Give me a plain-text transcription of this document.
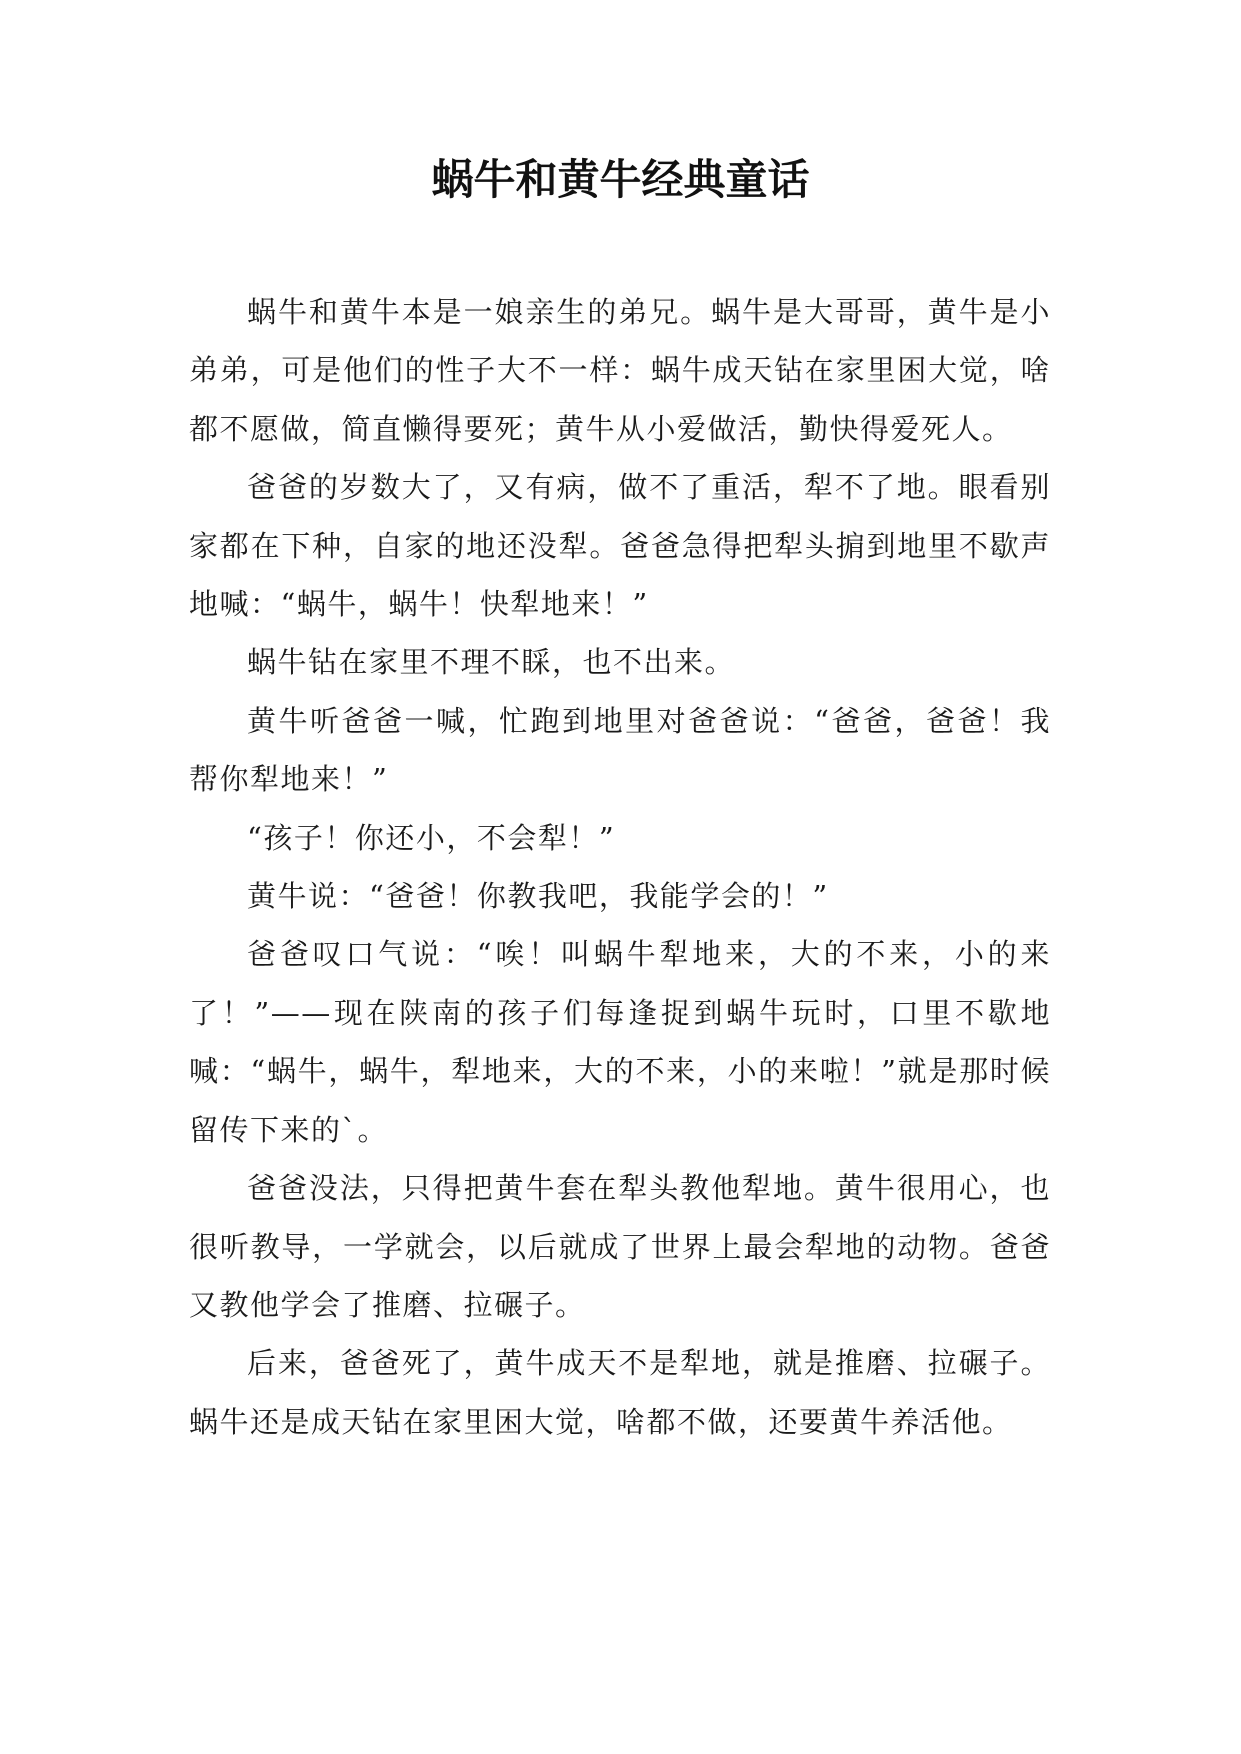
蜗牛和黄牛经典童话

蜗牛和黄牛本是一娘亲生的弟兄。蜗牛是大哥哥，黄牛是小弟弟，可是他们的性子大不一样：蜗牛成天钻在家里困大觉，啥都不愿做，简直懒得要死；黄牛从小爱做活，勤快得爱死人。

爸爸的岁数大了，又有病，做不了重活，犁不了地。眼看别家都在下种，自家的地还没犁。爸爸急得把犁头掮到地里不歇声地喊：“蜗牛，蜗牛！快犁地来！”

蜗牛钻在家里不理不睬，也不出来。

黄牛听爸爸一喊，忙跑到地里对爸爸说：“爸爸，爸爸！我帮你犁地来！”

“孩子！你还小，不会犁！”

黄牛说：“爸爸！你教我吧，我能学会的！”

爸爸叹口气说：“唉！叫蜗牛犁地来，大的不来，小的来了！”——现在陕南的孩子们每逢捉到蜗牛玩时，口里不歇地喊：“蜗牛，蜗牛，犁地来，大的不来，小的来啦！”就是那时候留传下来的`。

爸爸没法，只得把黄牛套在犁头教他犁地。黄牛很用心，也很听教导，一学就会，以后就成了世界上最会犁地的动物。爸爸又教他学会了推磨、拉碾子。

后来，爸爸死了，黄牛成天不是犁地，就是推磨、拉碾子。蜗牛还是成天钻在家里困大觉，啥都不做，还要黄牛养活他。
